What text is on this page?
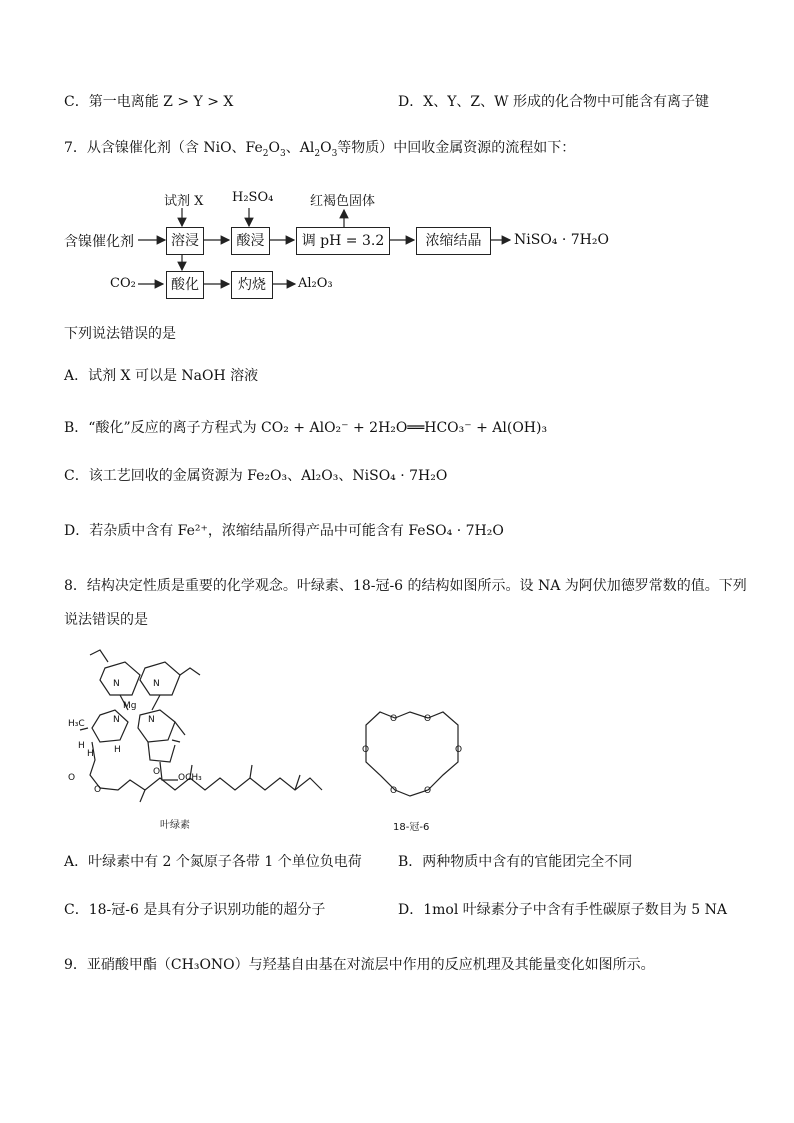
C．第一电离能 Z > Y > X	D．X、Y、Z、W 形成的化合物中可能含有离子键
7．从含镍催化剂（含 NiO、$Fe_2O_3$、$Al_2O_3$等物质）中回收金属资源的流程如下：
含镍催化剂
试剂 X H₂SO₄	红褐色固体
溶浸	酸浸	调 pH = 3.2	浓缩结晶	NiSO₄ · 7H₂O
CO₂	酸化	灼烧	Al₂O₃
下列说法错误的是
A．试剂 X 可以是 NaOH 溶液
B．“酸化”反应的离子方程式为 CO₂ + AlO₂⁻ + 2H₂O══HCO₃⁻ + Al(OH)₃
C．该工艺回收的金属资源为 Fe₂O₃、Al₂O₃、NiSO₄ · 7H₂O
D．若杂质中含有 Fe²⁺，浓缩结晶所得产品中可能含有 FeSO₄ · 7H₂O
8．结构决定性质是重要的化学观念。叶绿素、18-冠-6 的结构如图所示。设 NA 为阿伏加德罗常数的值。下列
说法错误的是
N	N
N	N
Mg
H₃C
H
H H
O
O
O
OCH₃
叶绿素
O	O
O
O
O
O
18-冠-6
A．叶绿素中有 2 个氮原子各带 1 个单位负电荷	B．两种物质中含有的官能团完全不同
C．18-冠-6 是具有分子识别功能的超分子	D．1mol 叶绿素分子中含有手性碳原子数目为 5 NA
9．亚硝酸甲酯（CH₃ONO）与羟基自由基在对流层中作用的反应机理及其能量变化如图所示。
